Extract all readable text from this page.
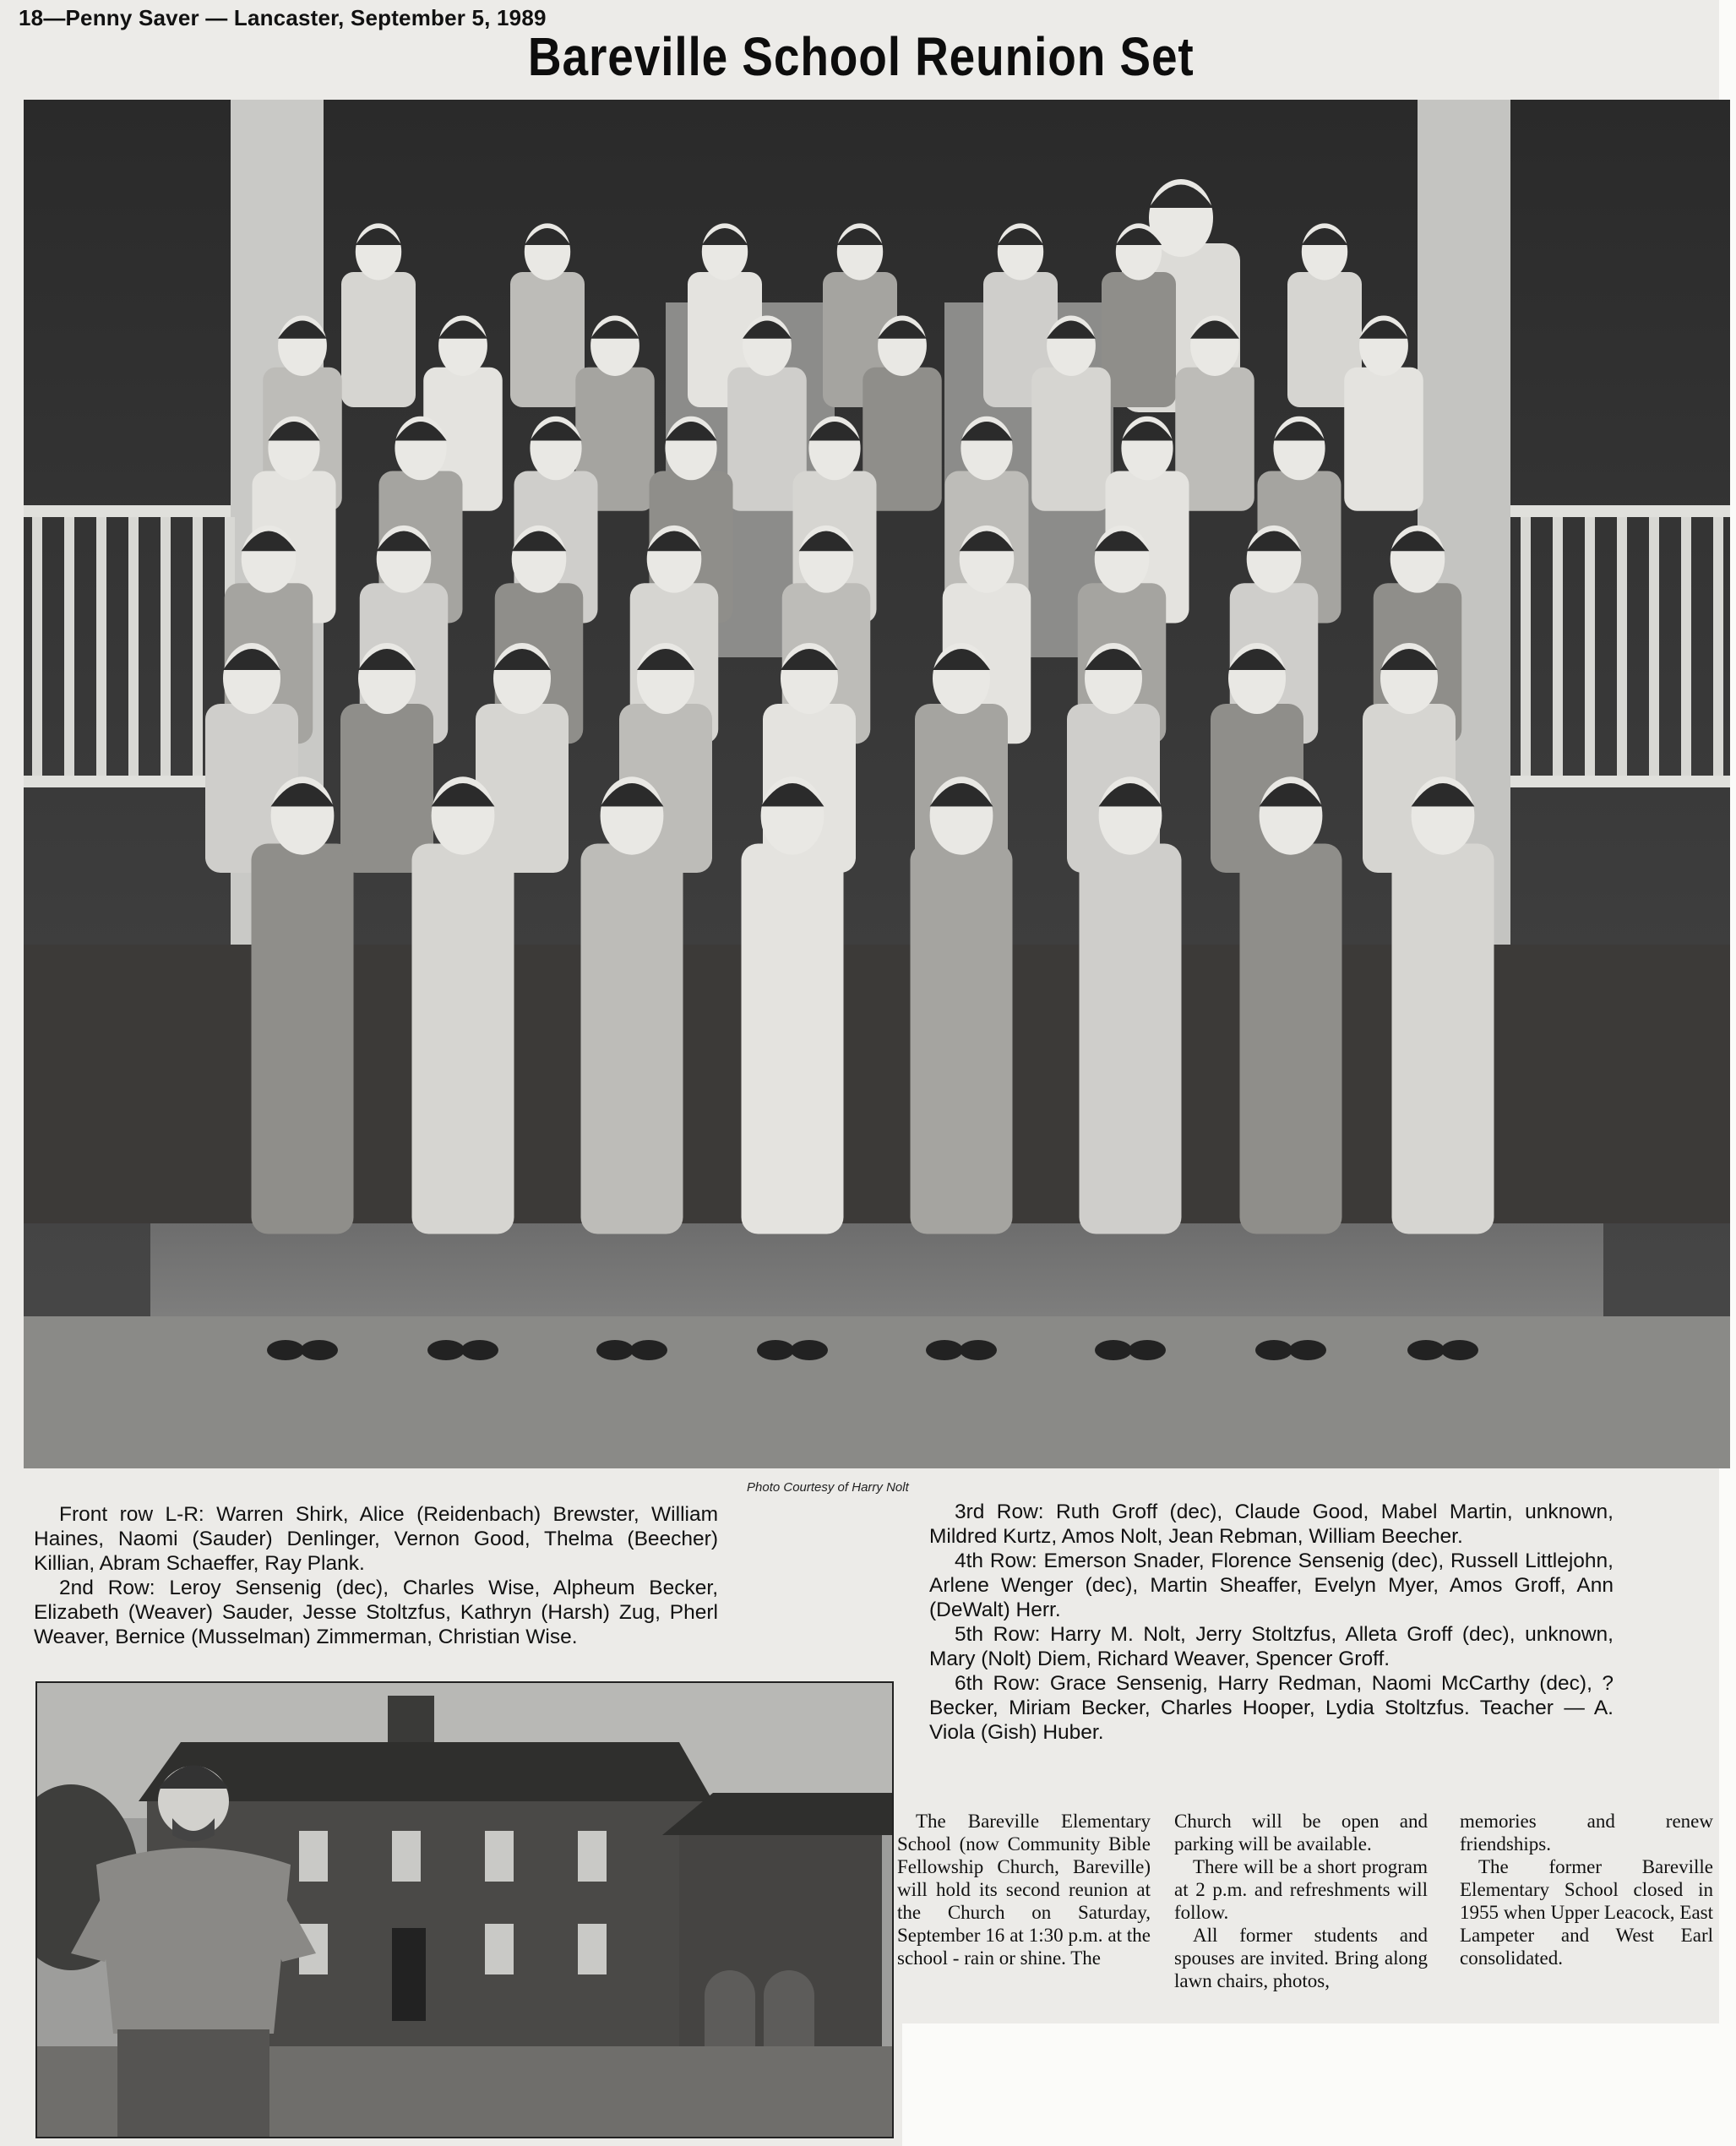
18—Penny Saver — Lancaster, September 5, 1989
Bareville School Reunion Set
Photo Courtesy of Harry Nolt

Front row L-R: Warren Shirk, Alice (Reidenbach) Brewster, William Haines, Naomi (Sauder) Denlinger, Vernon Good, Thelma (Beecher) Killian, Abram Schaeffer, Ray Plank.

2nd Row: Leroy Sensenig (dec), Charles Wise, Alpheum Becker, Elizabeth (Weaver) Sauder, Jesse Stoltzfus, Kathryn (Harsh) Zug, Pherl Weaver, Bernice (Musselman) Zimmerman, Christian Wise.

3rd Row: Ruth Groff (dec), Claude Good, Mabel Martin, unknown, Mildred Kurtz, Amos Nolt, Jean Rebman, William Beecher.

4th Row: Emerson Snader, Florence Sensenig (dec), Russell Littlejohn, Arlene Wenger (dec), Martin Sheaffer, Evelyn Myer, Amos Groff, Ann (DeWalt) Herr.

5th Row: Harry M. Nolt, Jerry Stoltzfus, Alleta Groff (dec), unknown, Mary (Nolt) Diem, Richard Weaver, Spencer Groff.

6th Row: Grace Sensenig, Harry Redman, Naomi McCarthy (dec), ? Becker, Miriam Becker, Charles Hooper, Lydia Stoltzfus. Teacher — A. Viola (Gish) Huber.

The Bareville Elementary School (now Community Bible Fellowship Church, Bareville) will hold its second reunion at the Church on Saturday, September 16 at 1:30 p.m. at the school - rain or shine. The

Church will be open and parking will be available.

There will be a short program at 2 p.m. and refreshments will follow.

All former students and spouses are invited. Bring along lawn chairs, photos,

memories and renew friendships.

The former Bareville Elementary School closed in 1955 when Upper Leacock, East Lampeter and West Earl consolidated.
